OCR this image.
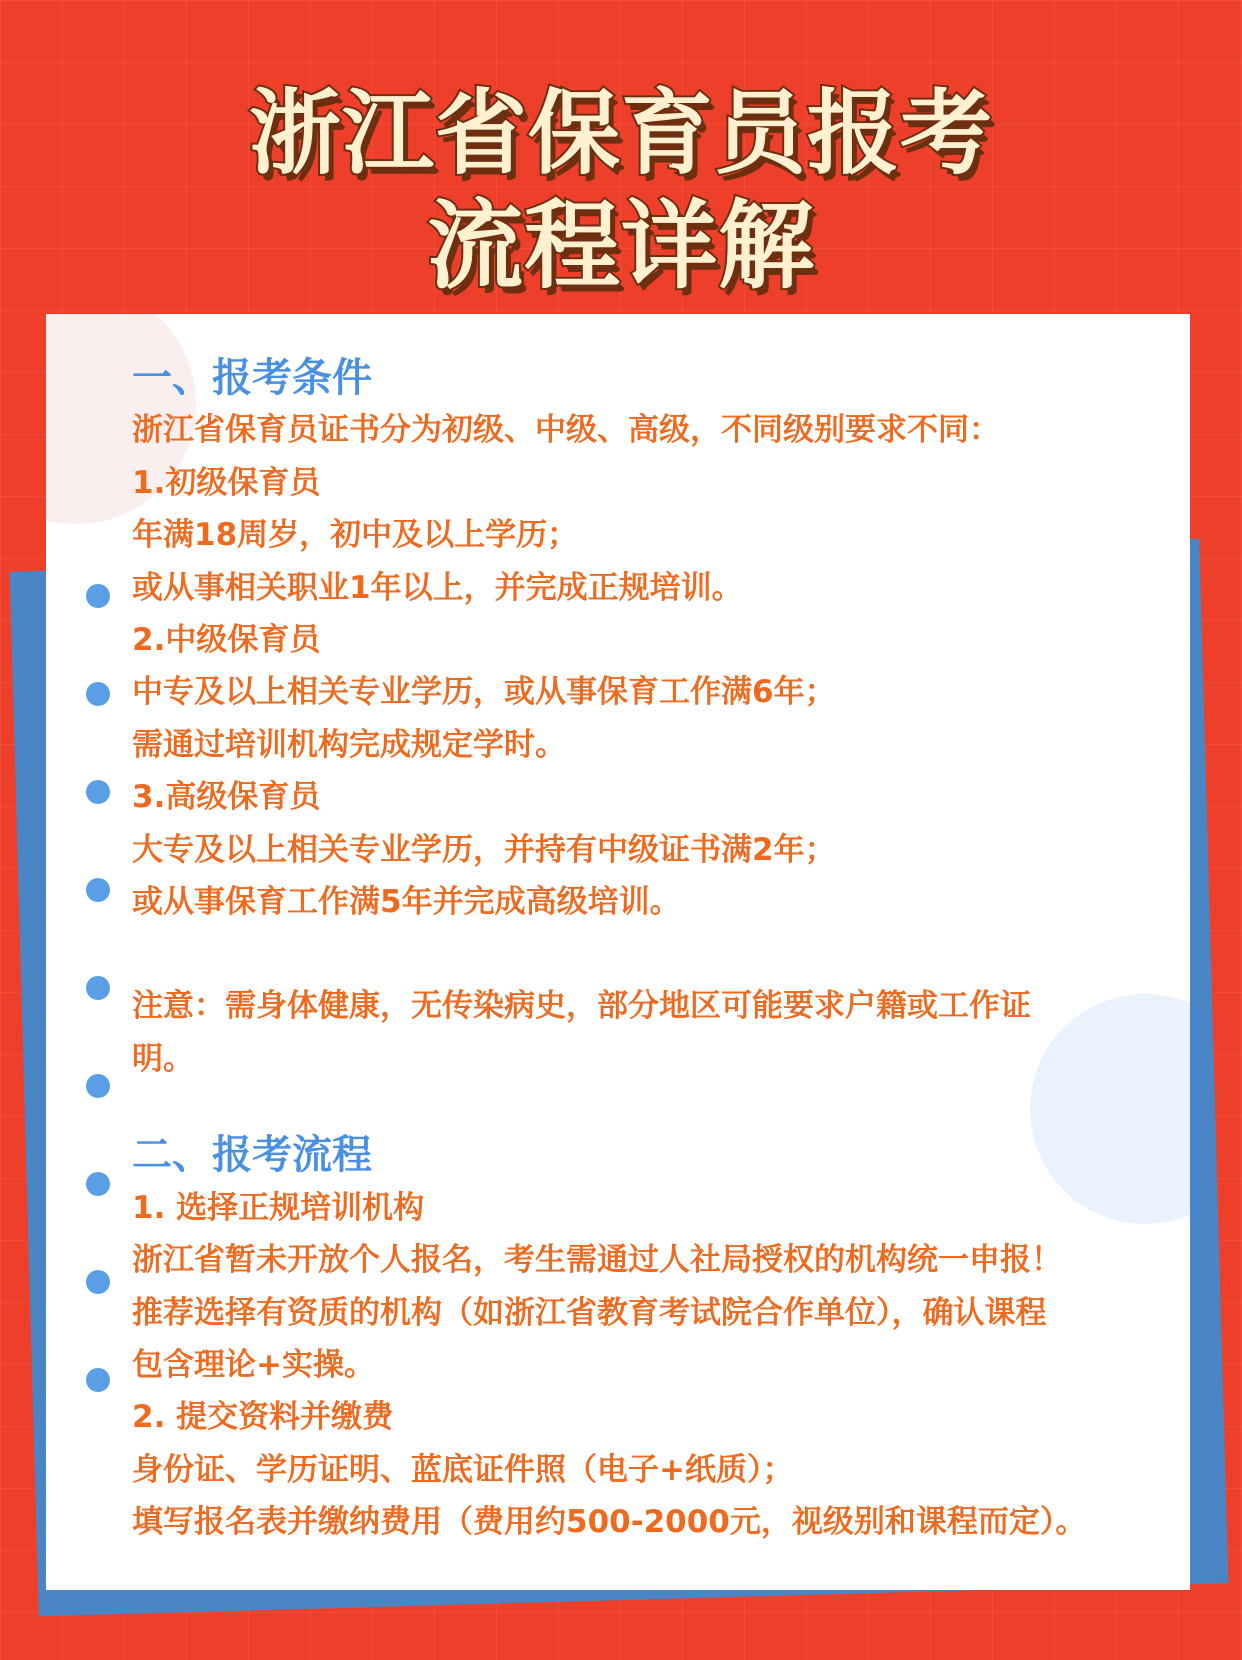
浙江省保育员报考
流程详解

一、报考条件

浙江省保育员证书分为初级、中级、高级，不同级别要求不同：

1.初级保育员

年满18周岁，初中及以上学历；

或从事相关职业1年以上，并完成正规培训。

2.中级保育员

中专及以上相关专业学历，或从事保育工作满6年；

需通过培训机构完成规定学时。

3.高级保育员

大专及以上相关专业学历，并持有中级证书满2年；

或从事保育工作满5年并完成高级培训。

注意：需身体健康，无传染病史，部分地区可能要求户籍或工作证

明。

二、报考流程

1. 选择正规培训机构

浙江省暂未开放个人报名，考生需通过人社局授权的机构统一申报！

推荐选择有资质的机构（如浙江省教育考试院合作单位），确认课程

包含理论+实操。

2. 提交资料并缴费

身份证、学历证明、蓝底证件照（电子+纸质）；

填写报名表并缴纳费用（费用约500-2000元，视级别和课程而定）。
